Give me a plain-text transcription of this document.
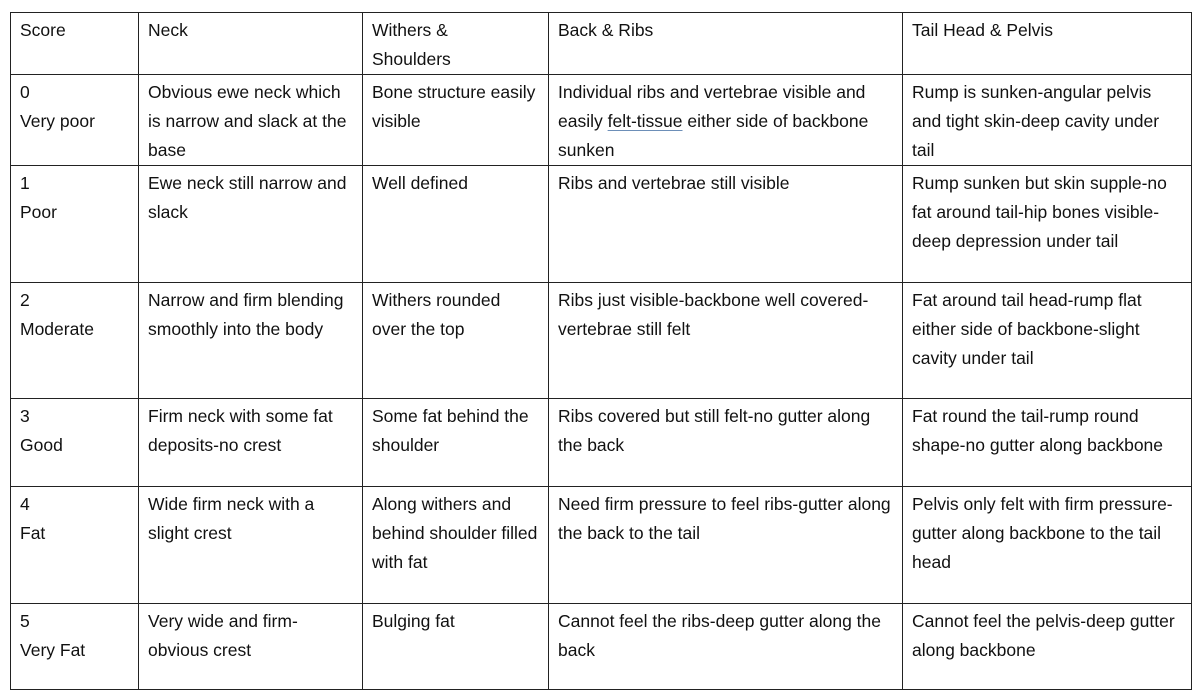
Score	Neck	Withers & Shoulders	Back & Ribs	Tail Head & Pelvis

0
Very poor	Obvious ewe neck which is narrow and slack at the base	Bone structure easily visible	Individual ribs and vertebrae visible and easily felt-tissue either side of backbone sunken	Rump is sunken-angular pelvis and tight skin-deep cavity under tail

1
Poor	Ewe neck still narrow and slack	Well defined	Ribs and vertebrae still visible	Rump sunken but skin supple-no fat around tail-hip bones visible-deep depression under tail

2
Moderate	Narrow and firm blending smoothly into the body	Withers rounded over the top	Ribs just visible-backbone well covered-vertebrae still felt	Fat around tail head-rump flat either side of backbone-slight cavity under tail

3
Good	Firm neck with some fat deposits-no crest	Some fat behind the shoulder	Ribs covered but still felt-no gutter along the back	Fat round the tail-rump round shape-no gutter along backbone

4
Fat	Wide firm neck with a slight crest	Along withers and behind shoulder filled with fat	Need firm pressure to feel ribs-gutter along the back to the tail	Pelvis only felt with firm pressure-gutter along backbone to the tail head

5
Very Fat	Very wide and firm-obvious crest	Bulging fat	Cannot feel the ribs-deep gutter along the back	Cannot feel the pelvis-deep gutter along backbone
